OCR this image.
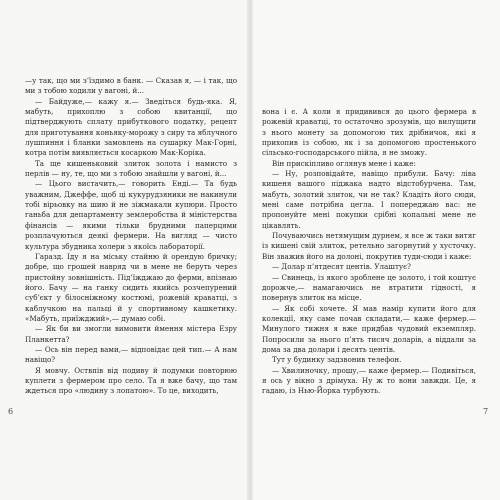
—у так, що ми з’їздимо в банк. — Сказав я, — і так, що ми з тобою ходили у вагоні, й...

— Байдуже,— кажу я.— Зведіться будь-яка. Я, мабуть, прихоплю з собою квитанції, що підтверджують сплату прибуткового податку, рецепт для приготування коньяку-морожу з сиру та яблучного лушпиння і бланки замовлень на сушарку Мак-Горні, котра потім виявляється косаркою Мак-Коріка.

Та ще кишеньковий злиток золота і намисто з перлів — ну, те, що ми з тобою знайшли у вагоні, й...

— Цього вистачить,— говорить Енді.— Та будь уважним, Джеффе, щоб ці кукурудзяники не накинули тобі вірьовку на шию й не зіжмакали купюри. Просто ганьба для департаменту землеробства й міністерства фінансів — якими тільки брудними паперцями розплачуються деякі фермери. На вигляд — чисто культура збудника холери з якоїсь лабораторії.

Гаразд. Іду я на міську стайню й орендую бричку; добре, що грошей навряд чи в мене не беруть через пристойну зовнішність. Під’їжджаю до ферми, впізнаю його. Бачу — на ганку сидить якийсь розчепурений суб’єкт у білосніжному костюмі, рожевій краватці, з каблучкою на пальці й у спортивному кашкетику. «Мабуть, приїжджий»,— думаю собі.

— Як би ви змогли вимовити ймення містера Езру Планкетта?

— Ось він перед вами,— відповідає цей тип.— А нам навіщо?

Я мовчу. Оствпів від подиву й подумки повторюю куплети з фермером про село. Та я вже бачу, що там ждеться про «людину з лопатою». То це, виходить,

вона і є. А коли я придивився до цього фермера в рожевій краватці, то остаточно зрозумів, що вилущити з нього монету за допомогою тих дрібничок, які я прихопив із собою, як і за допомогою простенького сільсько-господарського пійла, я не зможу.

Він прискіпливо оглянув мене і каже:

— Ну, розповідайте, навіщо прибули. Бачу: ліва кишеня вашого піджака надто відстобурчена. Там, мабуть, золотий злиток, чи не так? Кладіть його сюди, мені саме потрібна цегла. І попереджаю вас: не пропонуйте мені покупки срібні копальні мене не цікавлять.

Почуваючись нетямущим дурнем, я все ж таки витяг із кишені свій злиток, ретельно загорнутий у хусточку. Він зважив його на долоні, покрутив туди-сюди і каже:

— Долар п’ятдесят центів. Улаштує?

— Свинець, із якого зроблене це золото, і той коштує дорожче,— намагаючись не втратити гідності, я повернув злиток на місце.

— Як собі хочете. Я мав намір купити його для колекції, яку саме почав складати,— каже фермер.— Минулого тижня я вже придбав чудовий екземпляр. Попросили за нього п’ять тисяч доларів, а віддали за дома за два долари і десять центів.

Тут у будинку задзвонив телефон.

— Хвилиночку, прошу,— каже фермер.— Подивіться, я ось у вікно з дрімуха. Ну ж то вони завжди. Це, я гадаю, із Нью-Йорка турбують.

6	7
